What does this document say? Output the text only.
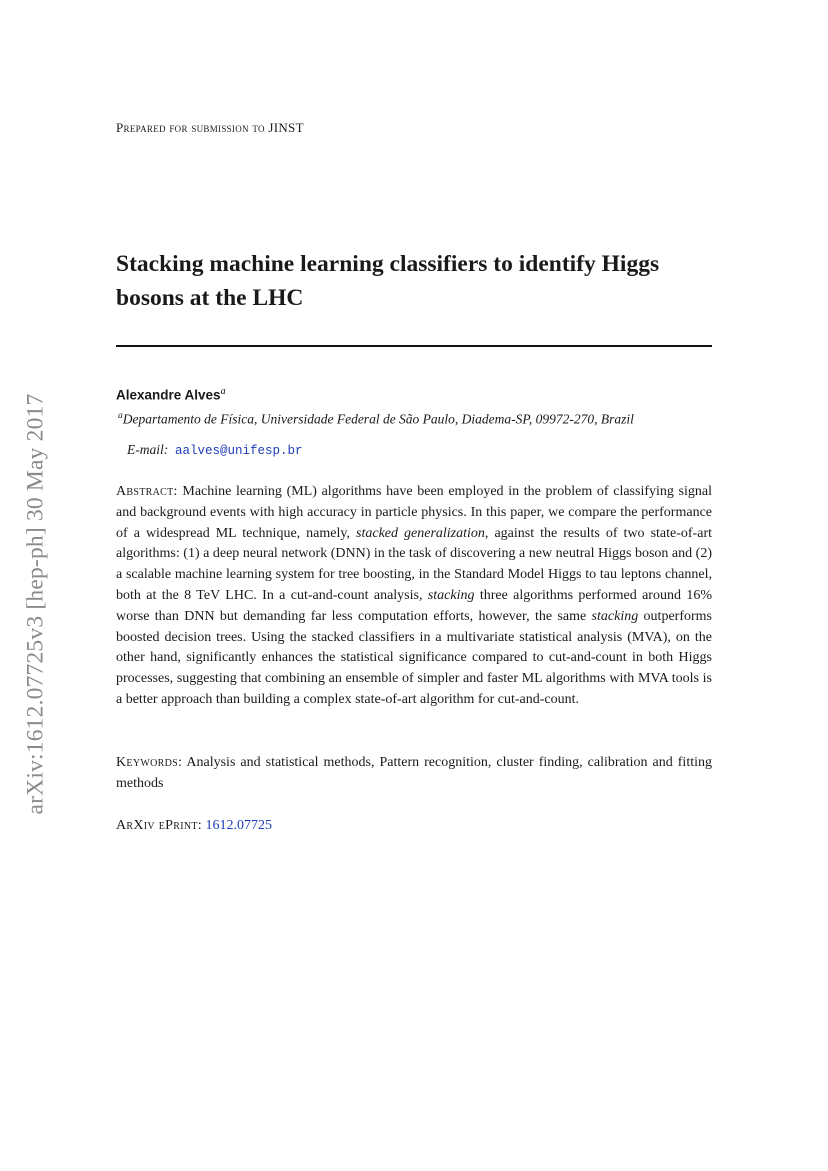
arXiv:1612.07725v3 [hep-ph] 30 May 2017
Prepared for submission to JINST
Stacking machine learning classifiers to identify Higgs bosons at the LHC
Alexandre Alves$^a$
$^a$Departamento de Física, Universidade Federal de São Paulo, Diadema-SP, 09972-270, Brazil
E-mail: aalves@unifesp.br

Abstract: Machine learning (ML) algorithms have been employed in the problem of classifying signal and background events with high accuracy in particle physics. In this paper, we compare the performance of a widespread ML technique, namely, stacked generalization, against the results of two state-of-art algorithms: (1) a deep neural network (DNN) in the task of discovering a new neutral Higgs boson and (2) a scalable machine learning system for tree boosting, in the Standard Model Higgs to tau leptons channel, both at the 8 TeV LHC. In a cut-and-count analysis, stacking three algorithms performed around 16% worse than DNN but demanding far less computation efforts, however, the same stacking outperforms boosted decision trees. Using the stacked classifiers in a multivariate statistical analysis (MVA), on the other hand, significantly enhances the statistical significance compared to cut-and-count in both Higgs processes, suggesting that combining an ensemble of simpler and faster ML algorithms with MVA tools is a better approach than building a complex state-of-art algorithm for cut-and-count.

Keywords: Analysis and statistical methods, Pattern recognition, cluster finding, calibration and fitting methods

ArXiv ePrint: 1612.07725
